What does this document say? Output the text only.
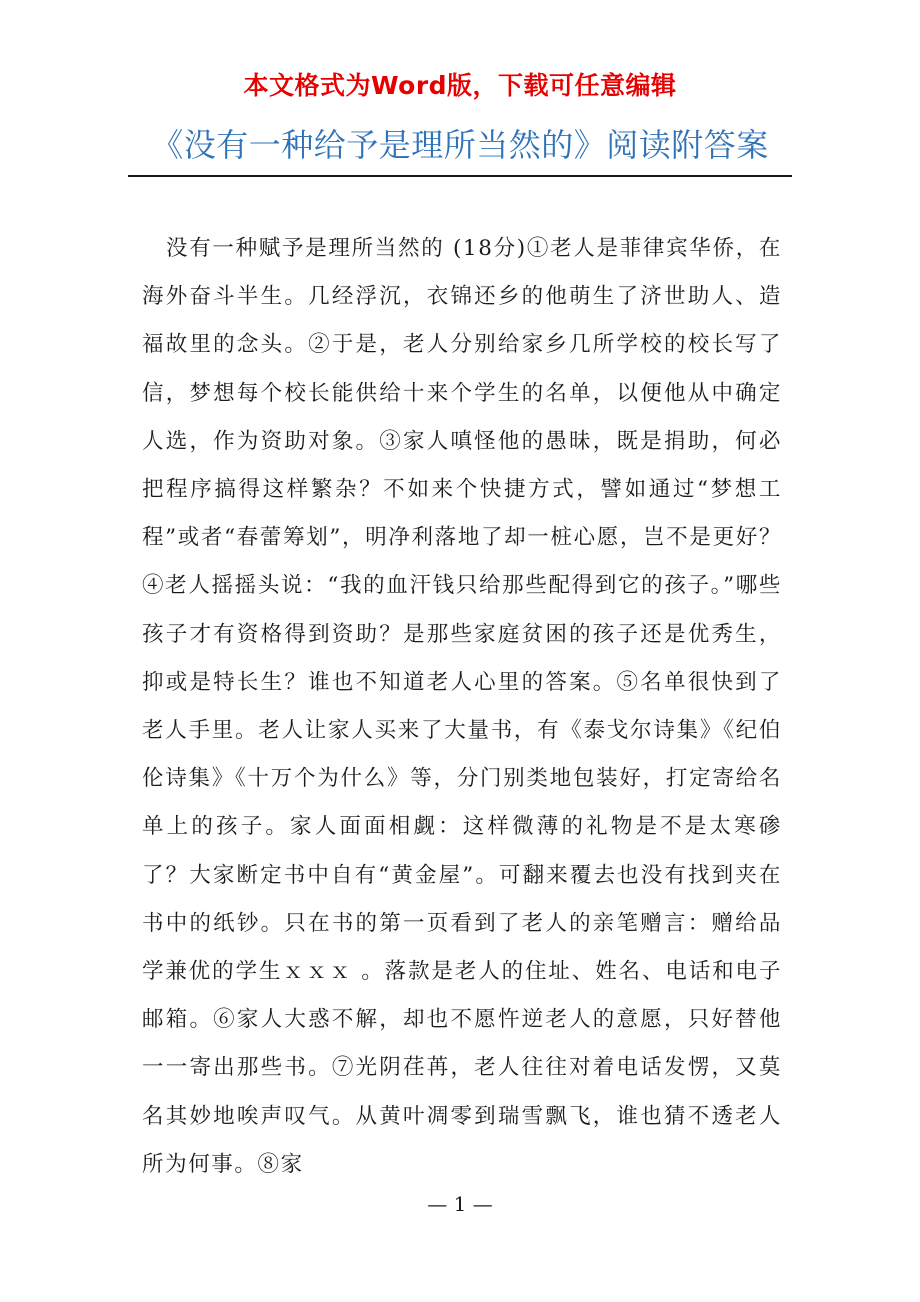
本文格式为Word版，下载可任意编辑
《没有一种给予是理所当然的》阅读附答案

没有一种赋予是理所当然的 (18分)①老人是菲律宾华侨，在海外奋斗半生。几经浮沉，衣锦还乡的他萌生了济世助人、造福故里的念头。②于是，老人分别给家乡几所学校的校长写了信，梦想每个校长能供给十来个学生的名单，以便他从中确定人选，作为资助对象。③家人嗔怪他的愚昧，既是捐助，何必把程序搞得这样繁杂？不如来个快捷方式，譬如通过“梦想工程”或者“春蕾筹划”，明净利落地了却一桩心愿，岂不是更好？④老人摇摇头说：“我的血汗钱只给那些配得到它的孩子。”哪些孩子才有资格得到资助？是那些家庭贫困的孩子还是优秀生，抑或是特长生？谁也不知道老人心里的答案。⑤名单很快到了老人手里。老人让家人买来了大量书，有《泰戈尔诗集》《纪伯伦诗集》《十万个为什么》等，分门别类地包装好，打定寄给名单上的孩子。家人面面相觑：这样微薄的礼物是不是太寒碜了？大家断定书中自有“黄金屋”。可翻来覆去也没有找到夹在书中的纸钞。只在书的第一页看到了老人的亲笔赠言：赠给品学兼优的学生ｘｘｘ 。落款是老人的住址、姓名、电话和电子邮箱。⑥家人大惑不解，却也不愿忤逆老人的意愿，只好替他一一寄出那些书。⑦光阴荏苒，老人往往对着电话发愣，又莫名其妙地唉声叹气。从黄叶凋零到瑞雪飘飞，谁也猜不透老人所为何事。⑧家

— 1 —
